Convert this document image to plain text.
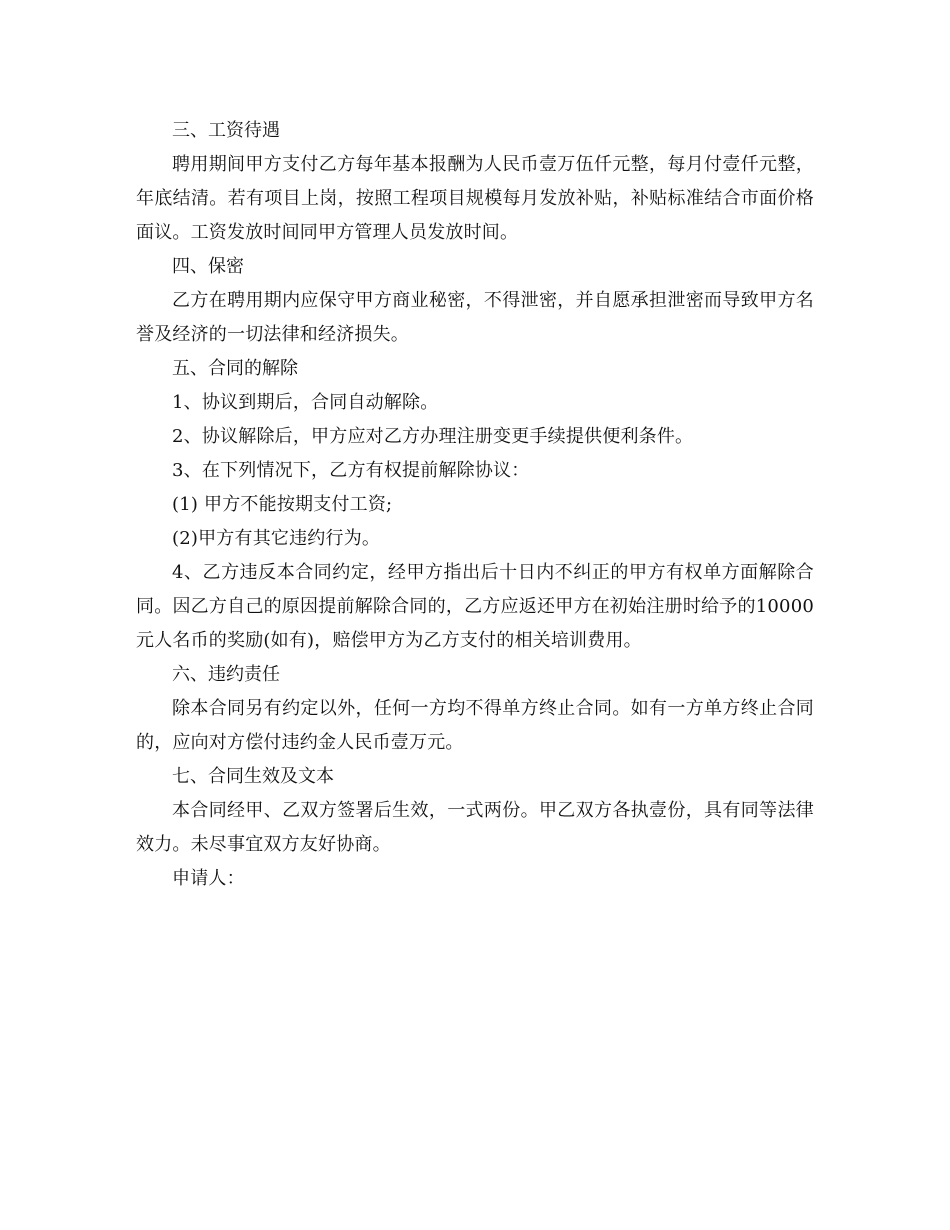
三、工资待遇

聘用期间甲方支付乙方每年基本报酬为人民币壹万伍仟元整，每月付壹仟元整，年底结清。若有项目上岗，按照工程项目规模每月发放补贴，补贴标准结合市面价格面议。工资发放时间同甲方管理人员发放时间。

四、保密

乙方在聘用期内应保守甲方商业秘密，不得泄密，并自愿承担泄密而导致甲方名誉及经济的一切法律和经济损失。

五、合同的解除

1、协议到期后，合同自动解除。

2、协议解除后，甲方应对乙方办理注册变更手续提供便利条件。

3、在下列情况下，乙方有权提前解除协议：

(1) 甲方不能按期支付工资;

(2)甲方有其它违约行为。

4、乙方违反本合同约定，经甲方指出后十日内不纠正的甲方有权单方面解除合同。因乙方自己的原因提前解除合同的，乙方应返还甲方在初始注册时给予的10000元人名币的奖励(如有)，赔偿甲方为乙方支付的相关培训费用。

六、违约责任

除本合同另有约定以外，任何一方均不得单方终止合同。如有一方单方终止合同的，应向对方偿付违约金人民币壹万元。

七、合同生效及文本

本合同经甲、乙双方签署后生效，一式两份。甲乙双方各执壹份，具有同等法律效力。未尽事宜双方友好协商。

申请人：
